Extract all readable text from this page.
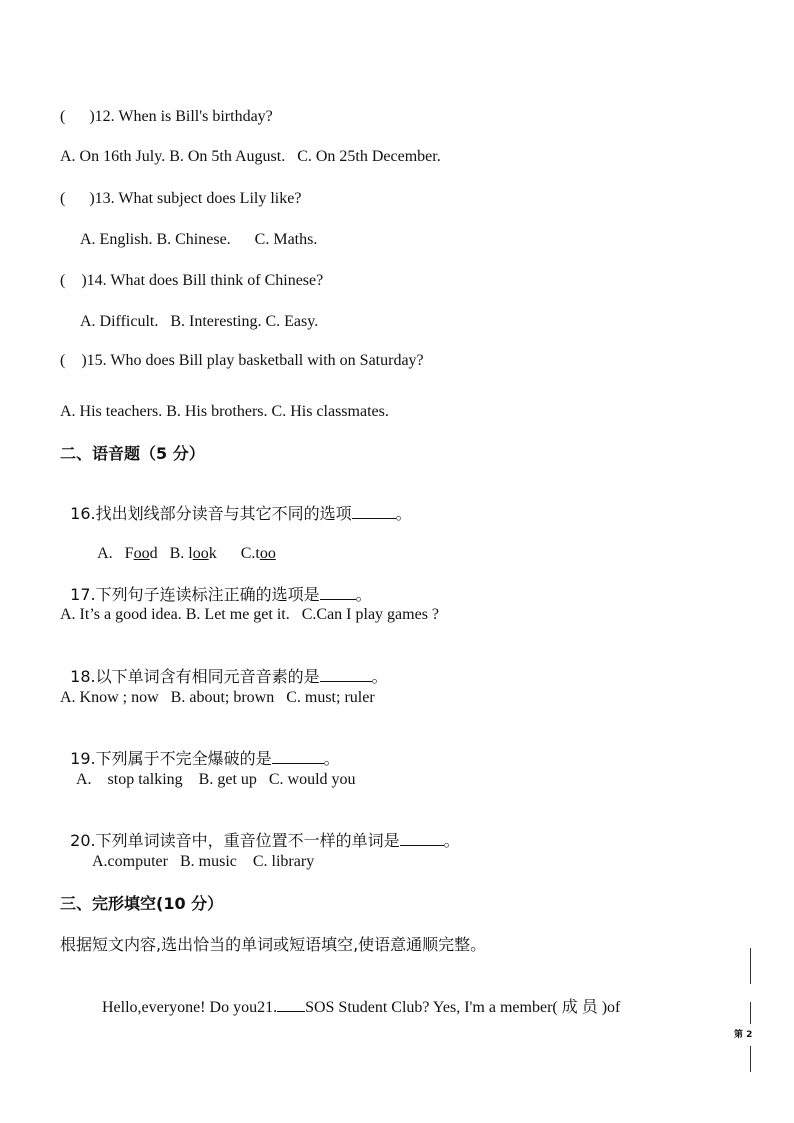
(      )12. When is Bill's birthday?
A. On 16th July. B. On 5th August.   C. On 25th December.
(      )13. What subject does Lily like?
A. English. B. Chinese.      C. Maths.
(    )14. What does Bill think of Chinese?
A. Difficult.   B. Interesting. C. Easy.
(    )15. Who does Bill play basketball with on Saturday?
A. His teachers. B. His brothers. C. His classmates.
二、语音题（5 分）

16.找出划线部分读音与其它不同的选项	。

A.   Food B. look C.too

17.下列句子连读标注正确的选项是 。

A. It’s a good idea. B. Let me get it.   C.Can I play games ?

18.以下单词含有相同元音音素的是	。

A. Know ; now   B. about; brown   C. must; ruler

19.下列属于不完全爆破的是	。

A.    stop talking    B. get up   C. would you

20.下列单词读音中，重音位置不一样的单词是	。

A.computer   B. music    C. library
三、完形填空(10 分）
根据短文内容,选出恰当的单词或短语填空,使语意通顺完整。

Hello,everyone! Do you21. SOS Student Club? Yes, I'm a member( 成 员 )of

第 2
